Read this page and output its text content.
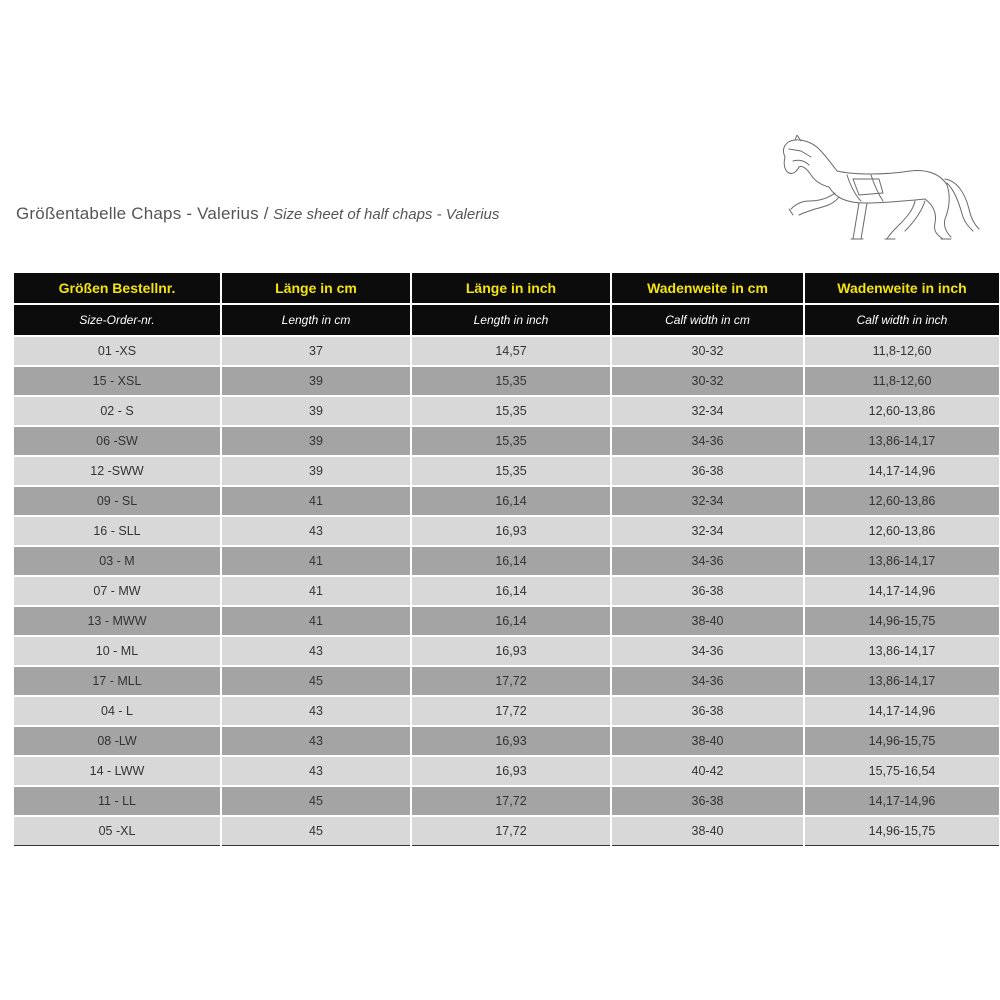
Größentabelle Chaps - Valerius / Size sheet of half chaps - Valerius
Größen Bestellnr.	Länge in cm	Länge in inch	Wadenweite in cm	Wadenweite in inch
Size-Order-nr.	Length in cm	Length in inch	Calf width in cm	Calf width in inch
01 -XS	37	14,57	30-32	11,8-12,60
15 - XSL	39	15,35	30-32	11,8-12,60
02 - S	39	15,35	32-34	12,60-13,86
06 -SW	39	15,35	34-36	13,86-14,17
12 -SWW	39	15,35	36-38	14,17-14,96
09 - SL	41	16,14	32-34	12,60-13,86
16 - SLL	43	16,93	32-34	12,60-13,86
03 - M	41	16,14	34-36	13,86-14,17
07 - MW	41	16,14	36-38	14,17-14,96
13 - MWW	41	16,14	38-40	14,96-15,75
10 - ML	43	16,93	34-36	13,86-14,17
17 - MLL	45	17,72	34-36	13,86-14,17
04 - L	43	17,72	36-38	14,17-14,96
08 -LW	43	16,93	38-40	14,96-15,75
14 - LWW	43	16,93	40-42	15,75-16,54
11 - LL	45	17,72	36-38	14,17-14,96
05 -XL	45	17,72	38-40	14,96-15,75
